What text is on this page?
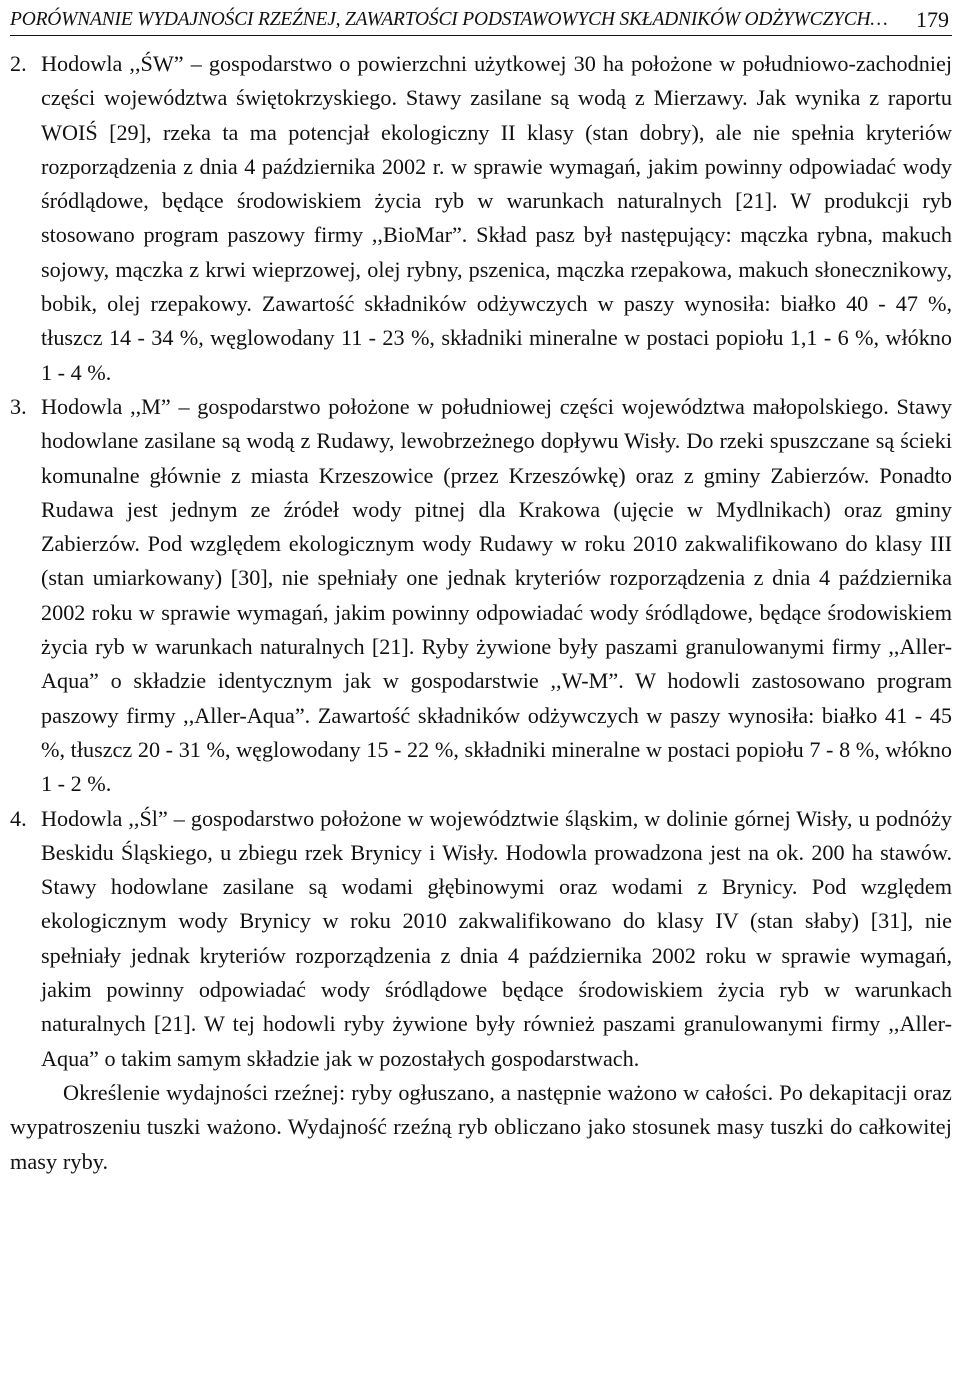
PORÓWNANIE WYDAJNOŚCI RZEŹNEJ, ZAWARTOŚCI PODSTAWOWYCH SKŁADNIKÓW ODŻYWCZYCH… 179
2. Hodowla ,,ŚW” – gospodarstwo o powierzchni użytkowej 30 ha położone w południowo-zachodniej części województwa świętokrzyskiego. Stawy zasilane są wodą z Mierzawy. Jak wynika z raportu WOIŚ [29], rzeka ta ma potencjał ekologiczny II klasy (stan dobry), ale nie spełnia kryteriów rozporządzenia z dnia 4 października 2002 r. w sprawie wymagań, jakim powinny odpowiadać wody śródlądowe, będące środowiskiem życia ryb w warunkach naturalnych [21]. W produkcji ryb stosowano program paszowy firmy ,,BioMar”. Skład pasz był następujący: mączka rybna, makuch sojowy, mączka z krwi wieprzowej, olej rybny, pszenica, mączka rzepakowa, makuch słonecznikowy, bobik, olej rzepakowy. Zawartość składników odżywczych w paszy wynosiła: białko 40 - 47 %, tłuszcz 14 - 34 %, węglowodany 11 - 23 %, składniki mineralne w postaci popiołu 1,1 - 6 %, włókno 1 - 4 %.
3. Hodowla ,,M” – gospodarstwo położone w południowej części województwa małopolskiego. Stawy hodowlane zasilane są wodą z Rudawy, lewobrzeżnego dopływu Wisły. Do rzeki spuszczane są ścieki komunalne głównie z miasta Krzeszowice (przez Krzeszówkę) oraz z gminy Zabierzów. Ponadto Rudawa jest jednym ze źródeł wody pitnej dla Krakowa (ujęcie w Mydlnikach) oraz gminy Zabierzów. Pod względem ekologicznym wody Rudawy w roku 2010 zakwalifikowano do klasy III (stan umiarkowany) [30], nie spełniały one jednak kryteriów rozporządzenia z dnia 4 października 2002 roku w sprawie wymagań, jakim powinny odpowiadać wody śródlądowe, będące środowiskiem życia ryb w warunkach naturalnych [21]. Ryby żywione były paszami granulowanymi firmy ,,Aller-Aqua” o składzie identycznym jak w gospodarstwie ,,W-M”. W hodowli zastosowano program paszowy firmy ,,Aller-Aqua”. Zawartość składników odżywczych w paszy wynosiła: białko 41 - 45 %, tłuszcz 20 - 31 %, węglowodany 15 - 22 %, składniki mineralne w postaci popiołu 7 - 8 %, włókno 1 - 2 %.
4. Hodowla ,,Śl” – gospodarstwo położone w województwie śląskim, w dolinie górnej Wisły, u podnóży Beskidu Śląskiego, u zbiegu rzek Brynicy i Wisły. Hodowla prowadzona jest na ok. 200 ha stawów. Stawy hodowlane zasilane są wodami głębinowymi oraz wodami z Brynicy. Pod względem ekologicznym wody Brynicy w roku 2010 zakwalifikowano do klasy IV (stan słaby) [31], nie spełniały jednak kryteriów rozporządzenia z dnia 4 października 2002 roku w sprawie wymagań, jakim powinny odpowiadać wody śródlądowe będące środowiskiem życia ryb w warunkach naturalnych [21]. W tej hodowli ryby żywione były również paszami granulowanymi firmy ,,Aller-Aqua” o takim samym składzie jak w pozostałych gospodarstwach.

Określenie wydajności rzeźnej: ryby ogłuszano, a następnie ważono w całości. Po dekapitacji oraz wypatroszeniu tuszki ważono. Wydajność rzeźną ryb obliczano jako stosunek masy tuszki do całkowitej masy ryby.
